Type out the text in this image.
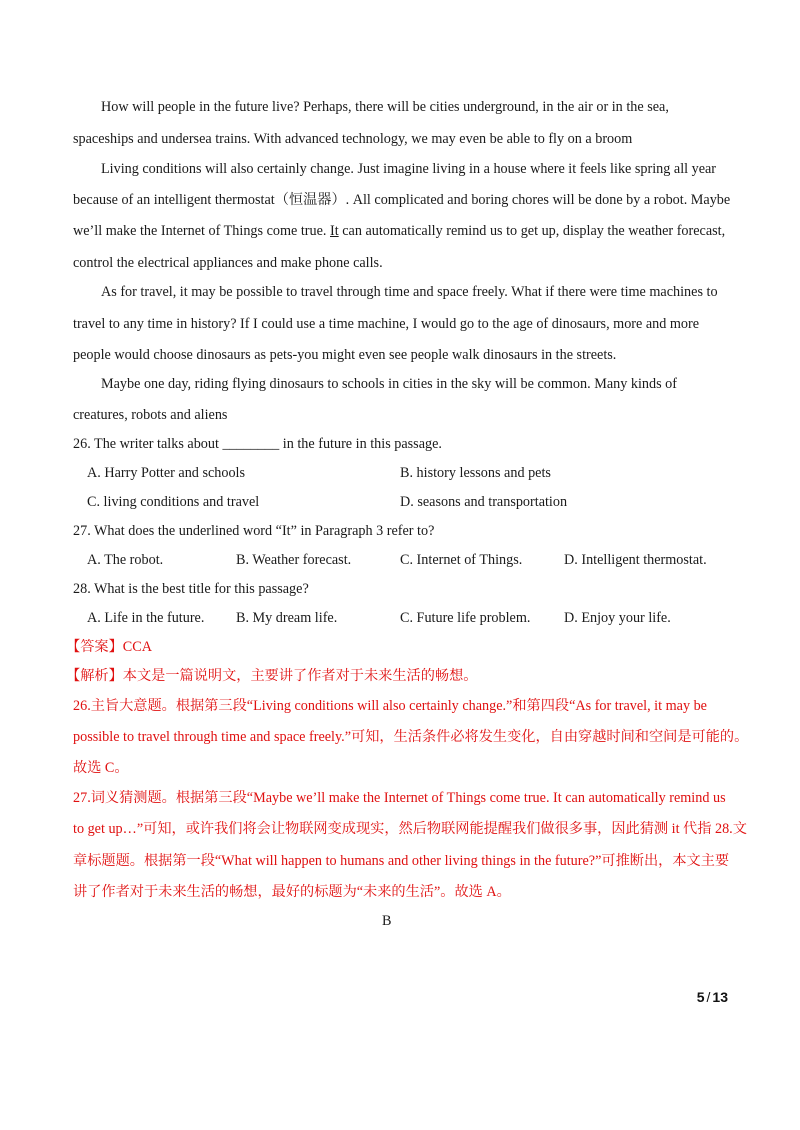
How will people in the future live? Perhaps, there will be cities underground, in the air or in the sea,
spaceships and undersea trains. With advanced technology, we may even be able to fly on a broom
Living conditions will also certainly change. Just imagine living in a house where it feels like spring all year
because of an intelligent thermostat（恒温器）. All complicated and boring chores will be done by a robot. Maybe
we’ll make the Internet of Things come true. It can automatically remind us to get up, display the weather forecast,
control the electrical appliances and make phone calls.
As for travel, it may be possible to travel through time and space freely. What if there were time machines to
travel to any time in history? If I could use a time machine, I would go to the age of dinosaurs, more and more
people would choose dinosaurs as pets-you might even see people walk dinosaurs in the streets.
Maybe one day, riding flying dinosaurs to schools in cities in the sky will be common. Many kinds of
creatures, robots and aliens
26. The writer talks about ________ in the future in this passage.
A. Harry Potter and schools	B. history lessons and pets
C. living conditions and travel	D. seasons and transportation
27. What does the underlined word “It” in Paragraph 3 refer to?
A. The robot.	B. Weather forecast.	C. Internet of Things.	D. Intelligent thermostat.
28. What is the best title for this passage?
A. Life in the future. B. My dream life.	C. Future life problem. D. Enjoy your life.
【答案】CCA
【解析】本文是一篇说明文，主要讲了作者对于未来生活的畅想。
26.主旨大意题。根据第三段“Living conditions will also certainly change.”和第四段“As for travel, it may be
possible to travel through time and space freely.”可知，生活条件必将发生变化，自由穿越时间和空间是可能的。
故选 C。
27.词义猜测题。根据第三段“Maybe we’ll make the Internet of Things come true. It can automatically remind us
to get up…”可知，或许我们将会让物联网变成现实，然后物联网能提醒我们做很多事，因此猜测 it 代指 28.文
章标题题。根据第一段“What will happen to humans and other living things in the future?”可推断出，本文主要
讲了作者对于未来生活的畅想，最好的标题为“未来的生活”。故选 A。
B
5 / 13
